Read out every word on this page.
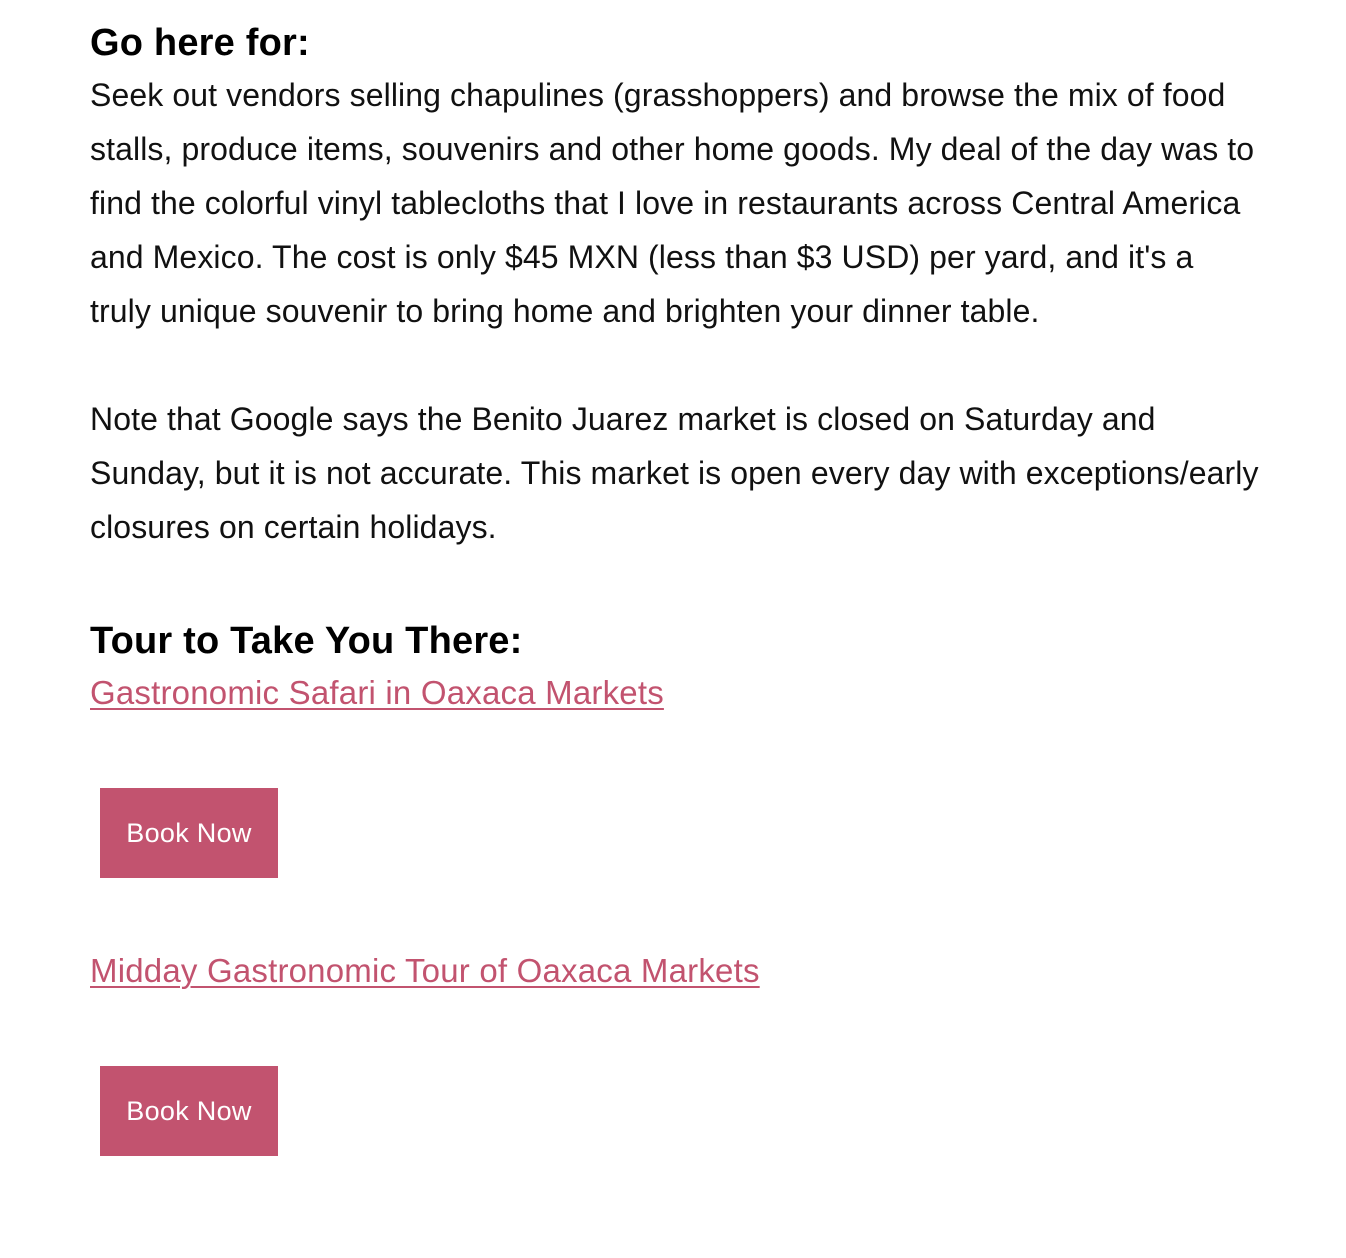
Go here for:

Seek out vendors selling chapulines (grasshoppers) and browse the mix of food stalls, produce items, souvenirs and other home goods. My deal of the day was to find the colorful vinyl tablecloths that I love in restaurants across Central America and Mexico. The cost is only $45 MXN (less than $3 USD) per yard, and it's a truly unique souvenir to bring home and brighten your dinner table.

Note that Google says the Benito Juarez market is closed on Saturday and Sunday, but it is not accurate. This market is open every day with exceptions/early closures on certain holidays.

Tour to Take You There:
Gastronomic Safari in Oaxaca Markets
Book Now
Midday Gastronomic Tour of Oaxaca Markets
Book Now
